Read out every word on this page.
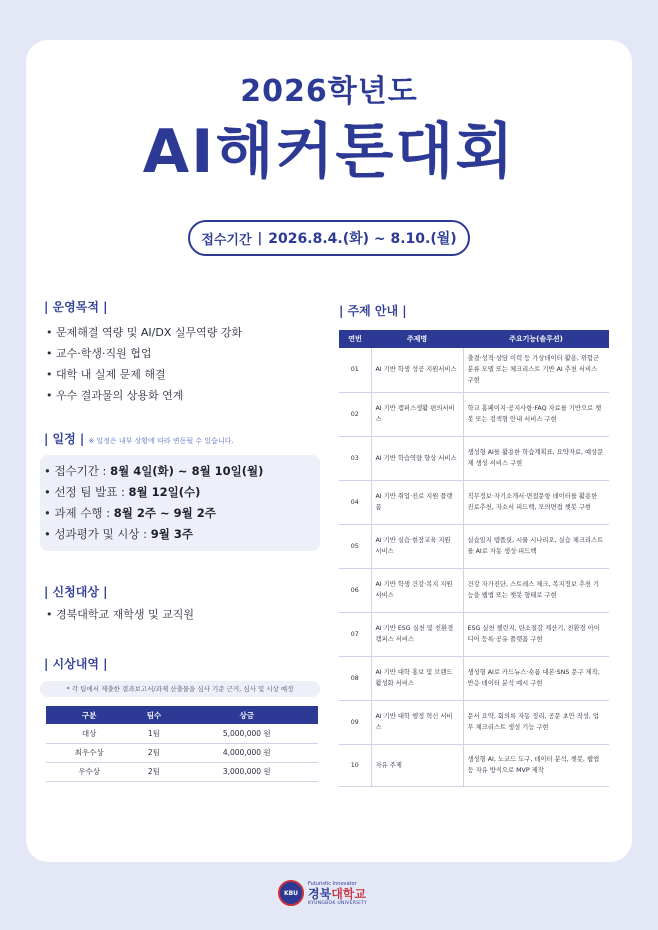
2026학년도
AI해커톤대회
접수기간 | 2026.8.4.(화) ~ 8.10.(월)
| 운영목적 |
• 문제해결 역량 및 AI/DX 실무역량 강화
• 교수·학생·직원 협업
• 대학 내 실제 문제 해결
• 우수 결과물의 상용화 연계
| 일정 | ※ 일정은 내부 상황에 따라 변동될 수 있습니다.
• 접수기간 : 8월 4일(화) ~ 8월 10일(월)
• 선정 팀 발표 : 8월 12일(수)
• 과제 수행 : 8월 2주 ~ 9월 2주
• 성과평가 및 시상 : 9월 3주
| 신청대상 |
• 경북대학교 재학생 및 교직원
| 시상내역 |
* 각 팀에서 제출한 결과보고서/과제 산출물을 심사 기준 근거, 심사 및 시상 예정
구분	팀수	상금
대상	1팀	5,000,000 원
최우수상	2팀	4,000,000 원
우수상	2팀	3,000,000 원
| 주제 안내 |
연번	주제명	주요기능(솔루션)
01	AI 기반 학생 성공 지원서비스	출결·성적·상담 이력 등 가상데이터 활용, 위험군 분류 모델 또는 체크리스트 기반 AI 추천 서비스 구현
02	AI 기반 캠퍼스생활 편의서비스	학교 홈페이지·공지사항·FAQ 자료를 기반으로 챗봇 또는 검색형 안내 서비스 구현
03	AI 기반 학습역량 향상 서비스	생성형 AI를 활용한 학습계획표, 요약자료, 예상문제 생성 서비스 구현
04	AI 기반 취업·진로 지원 플랫폼	직무정보·자기소개서·면접문항 데이터를 활용한 진로추천, 자소서 피드백, 모의면접 챗봇 구현
05	AI 기반 실습·현장교육 지원 서비스	실습일지 템플릿, 시뮬 시나리오, 실습 체크리스트를 AI로 자동 생성·피드백
06	AI 기반 학생 건강·복지 지원 서비스	건강 자가진단, 스트레스 체크, 복지정보 추천 기능을 웹앱 또는 챗봇 형태로 구현
07	AI 기반 ESG 실천 및 친환경 캠퍼스 서비스	ESG 실천 챌린지, 탄소절감 계산기, 친환경 아이디어 등록·공유 플랫폼 구현
08	AI 기반 대학 홍보 및 브랜드 활성화 서비스	생성형 AI로 카드뉴스·숏폼 대본·SNS 문구 제작, 반응 데이터 분석 예시 구현
09	AI 기반 대학 행정 혁신 서비스	문서 요약, 회의록 자동 정리, 공문 초안 작성, 업무 체크리스트 생성 기능 구현
10	자유 주제	생성형 AI, 노코드 도구, 데이터 분석, 챗봇, 웹앱 등 자유 방식으로 MVP 제작
KBU
Futuristic Innovator
경북대학교
KYUNGBOK UNIVERSITY
